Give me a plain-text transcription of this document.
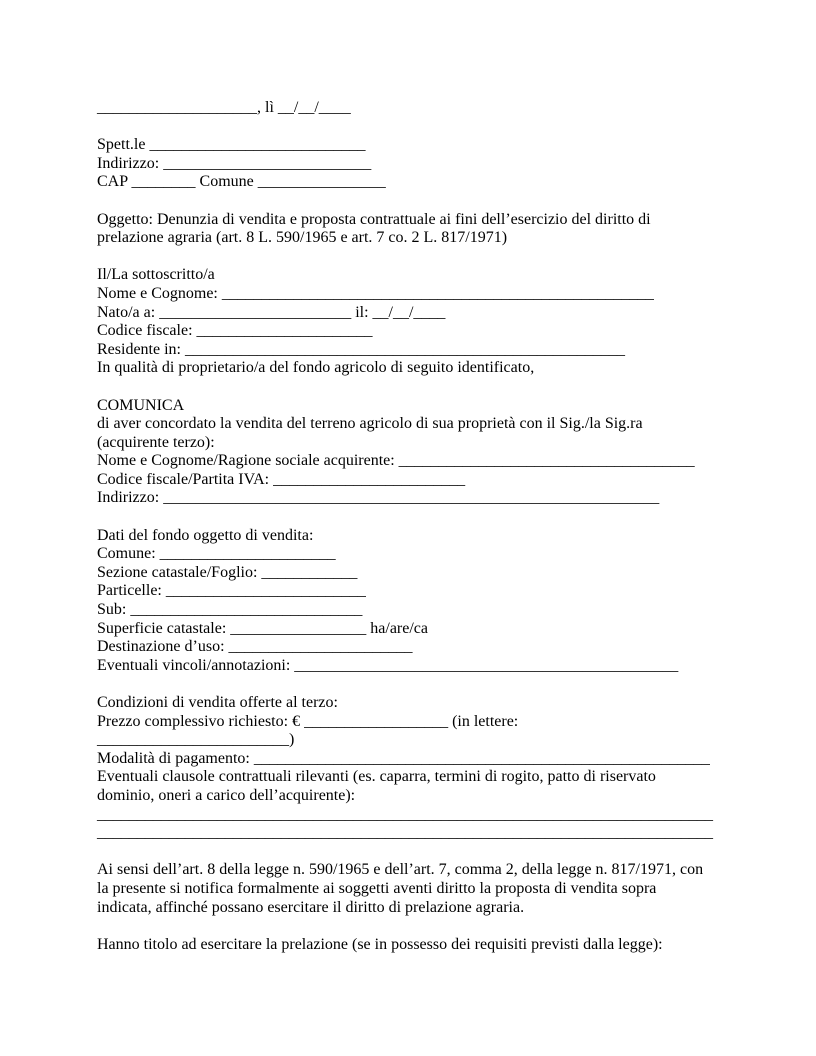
____________________, lì __/__/____
Spett.le ___________________________
Indirizzo: __________________________
CAP ________ Comune ________________
Oggetto: Denunzia di vendita e proposta contrattuale ai fini dell’esercizio del diritto di
prelazione agraria (art. 8 L. 590/1965 e art. 7 co. 2 L. 817/1971)
Il/La sottoscritto/a
Nome e Cognome: ______________________________________________________
Nato/a a: ________________________ il: __/__/____
Codice fiscale: ______________________
Residente in: _______________________________________________________
In qualità di proprietario/a del fondo agricolo di seguito identificato,
COMUNICA
di aver concordato la vendita del terreno agricolo di sua proprietà con il Sig./la Sig.ra
(acquirente terzo):
Nome e Cognome/Ragione sociale acquirente: _____________________________________
Codice fiscale/Partita IVA: ________________________
Indirizzo: ______________________________________________________________
Dati del fondo oggetto di vendita:
Comune: ______________________
Sezione catastale/Foglio: ____________
Particelle: _________________________
Sub: _____________________________
Superficie catastale: _________________ ha/are/ca
Destinazione d’uso: _______________________
Eventuali vincoli/annotazioni: ________________________________________________
Condizioni di vendita offerte al terzo:
Prezzo complessivo richiesto: € __________________ (in lettere:
________________________)
Modalità di pagamento: _________________________________________________________
Eventuali clausole contrattuali rilevanti (es. caparra, termini di rogito, patto di riservato
dominio, oneri a carico dell’acquirente):
_____________________________________________________________________________
_____________________________________________________________________________
Ai sensi dell’art. 8 della legge n. 590/1965 e dell’art. 7, comma 2, della legge n. 817/1971, con
la presente si notifica formalmente ai soggetti aventi diritto la proposta di vendita sopra
indicata, affinché possano esercitare il diritto di prelazione agraria.
Hanno titolo ad esercitare la prelazione (se in possesso dei requisiti previsti dalla legge):
